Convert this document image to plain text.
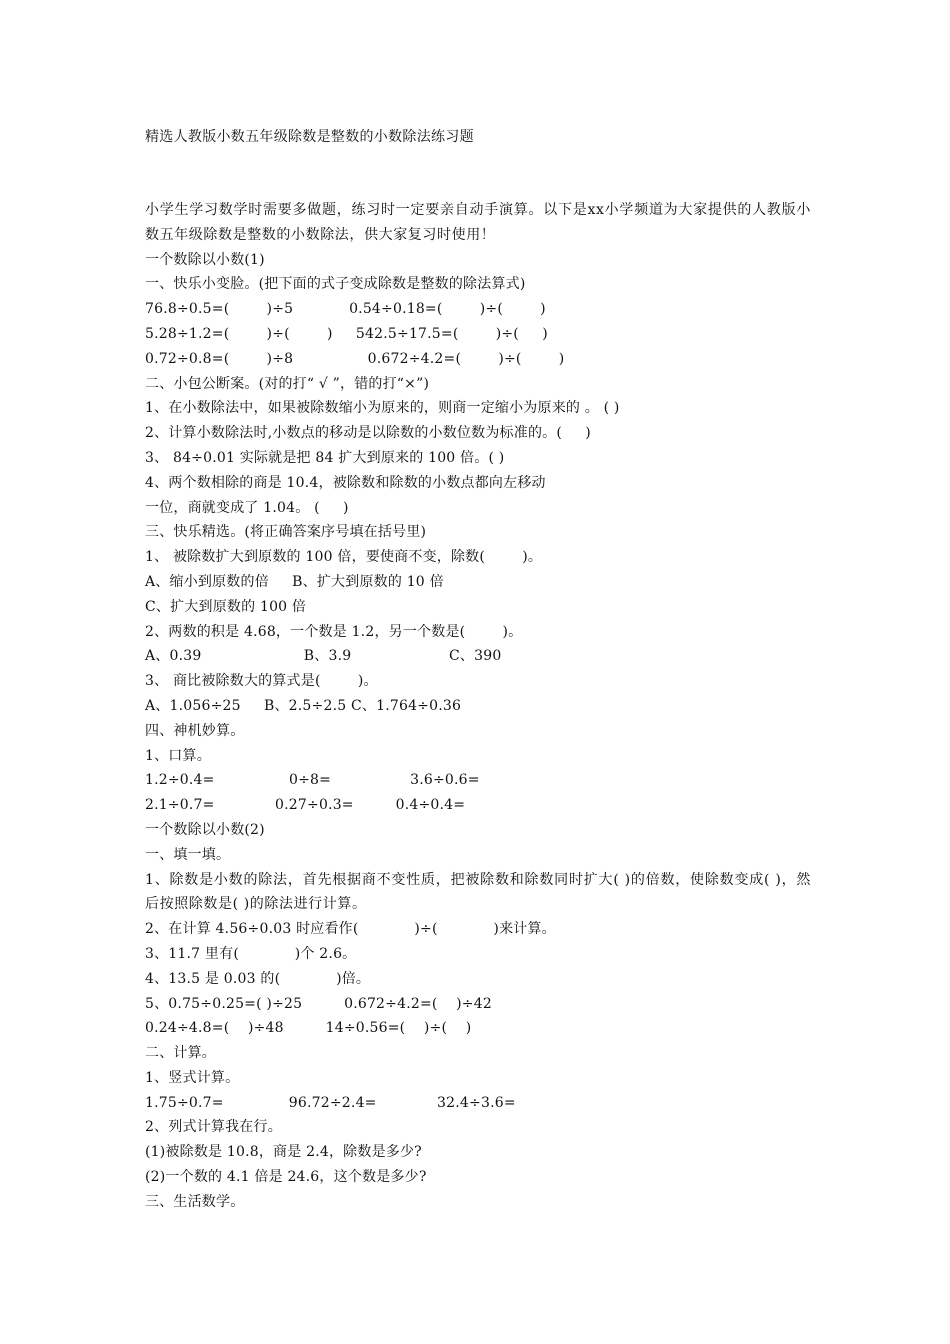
精选人教版小数五年级除数是整数的小数除法练习题
小学生学习数学时需要多做题，练习时一定要亲自动手演算。以下是xx小学频道为大家提供的人教版小数五年级除数是整数的小数除法，供大家复习时使用！
一个数除以小数(1)
一、快乐小变脸。(把下面的式子变成除数是整数的除法算式)
76.8÷0.5=(        )÷5            0.54÷0.18=(        )÷(        )
5.28÷1.2=(        )÷(        )     542.5÷17.5=(        )÷(     )
0.72÷0.8=(        )÷8                0.672÷4.2=(        )÷(        )
二、小包公断案。(对的打“ √ ”，错的打“×”)
1、在小数除法中，如果被除数缩小为原来的，则商一定缩小为原来的 。 ( )
2、计算小数除法时,小数点的移动是以除数的小数位数为标准的。(     )
3、 84÷0.01 实际就是把 84 扩大到原来的 100 倍。( )
4、两个数相除的商是 10.4，被除数和除数的小数点都向左移动
一位，商就变成了 1.04。 (     )
三、快乐精选。(将正确答案序号填在括号里)
1、 被除数扩大到原数的 100 倍，要使商不变，除数(        )。
A、缩小到原数的倍     B、扩大到原数的 10 倍
C、扩大到原数的 100 倍
2、两数的积是 4.68，一个数是 1.2，另一个数是(        )。
A、0.39                      B、3.9                     C、390
3、 商比被除数大的算式是(        )。
A、1.056÷25     B、2.5÷2.5 C、1.764÷0.36
四、神机妙算。
1、口算。
1.2÷0.4=                0÷8=                 3.6÷0.6=
2.1÷0.7=             0.27÷0.3=         0.4÷0.4=
一个数除以小数(2)
一、填一填。
1、除数是小数的除法，首先根据商不变性质，把被除数和除数同时扩大( )的倍数，使除数变成( )，然后按照除数是( )的除法进行计算。
2、在计算 4.56÷0.03 时应看作(            )÷(            )来计算。
3、11.7 里有(            )个 2.6。
4、13.5 是 0.03 的(            )倍。
5、0.75÷0.25=( )÷25         0.672÷4.2=(    )÷42
0.24÷4.8=(    )÷48         14÷0.56=(    )÷(    )
二、计算。
1、竖式计算。
1.75÷0.7=              96.72÷2.4=             32.4÷3.6=
2、列式计算我在行。
(1)被除数是 10.8，商是 2.4，除数是多少?
(2)一个数的 4.1 倍是 24.6，这个数是多少?
三、生活数学。
